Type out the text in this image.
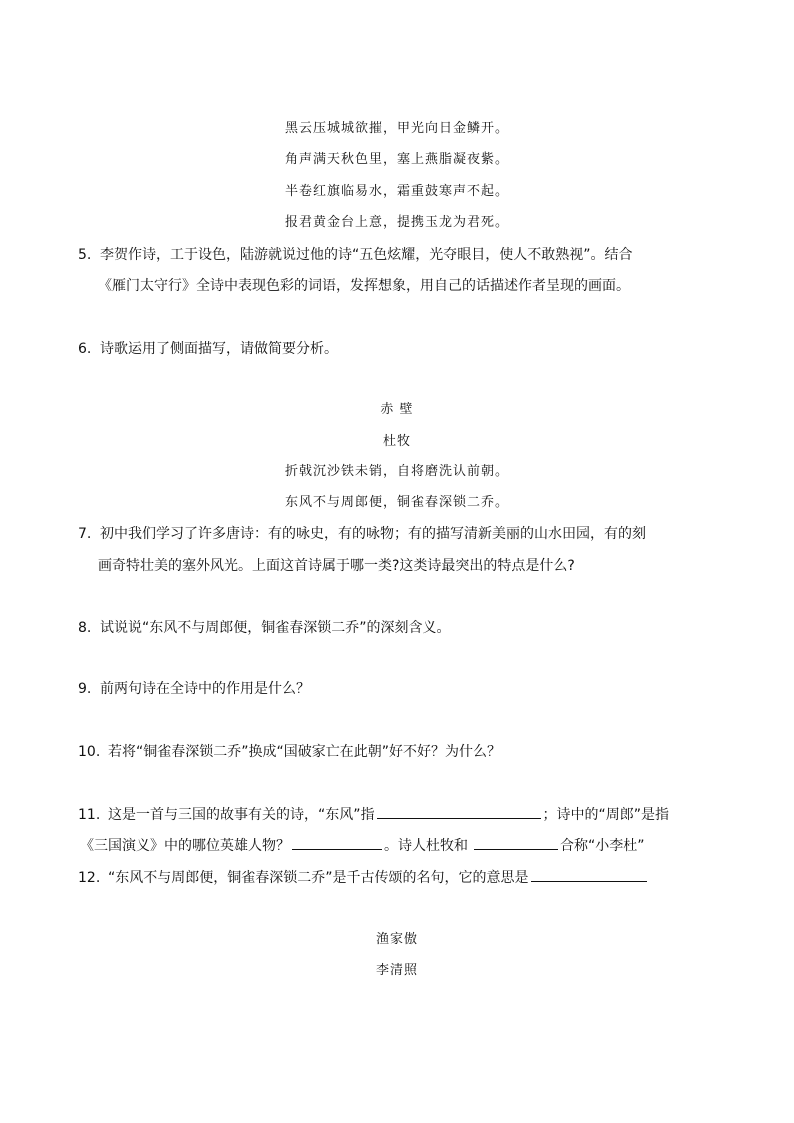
黑云压城城欲摧，甲光向日金鳞开。
角声满天秋色里，塞上燕脂凝夜紫。
半卷红旗临易水，霜重鼓寒声不起。
报君黄金台上意，提携玉龙为君死。
5. 李贺作诗，工于设色，陆游就说过他的诗“五色炫耀，光夺眼目，使人不敢熟视”。结合
《雁门太守行》全诗中表现色彩的词语，发挥想象，用自己的话描述作者呈现的画面。
6. 诗歌运用了侧面描写，请做简要分析。
赤 壁
杜牧
折戟沉沙铁未销，自将磨洗认前朝。
东风不与周郎便，铜雀春深锁二乔。
7. 初中我们学习了许多唐诗：有的咏史，有的咏物；有的描写清新美丽的山水田园，有的刻
画奇特壮美的塞外风光。上面这首诗属于哪一类?这类诗最突出的特点是什么?
8. 试说说“东风不与周郎便，铜雀春深锁二乔”的深刻含义。
9. 前两句诗在全诗中的作用是什么？
10. 若将“铜雀春深锁二乔”换成“国破家亡在此朝”好不好？为什么？
11. 这是一首与三国的故事有关的诗，“东风”指	；诗中的“周郎”是指
《三国演义》中的哪位英雄人物？	。诗人杜牧和	合称“小李杜”
12. “东风不与周郎便，铜雀春深锁二乔”是千古传颂的名句，它的意思是
渔家傲
李清照
